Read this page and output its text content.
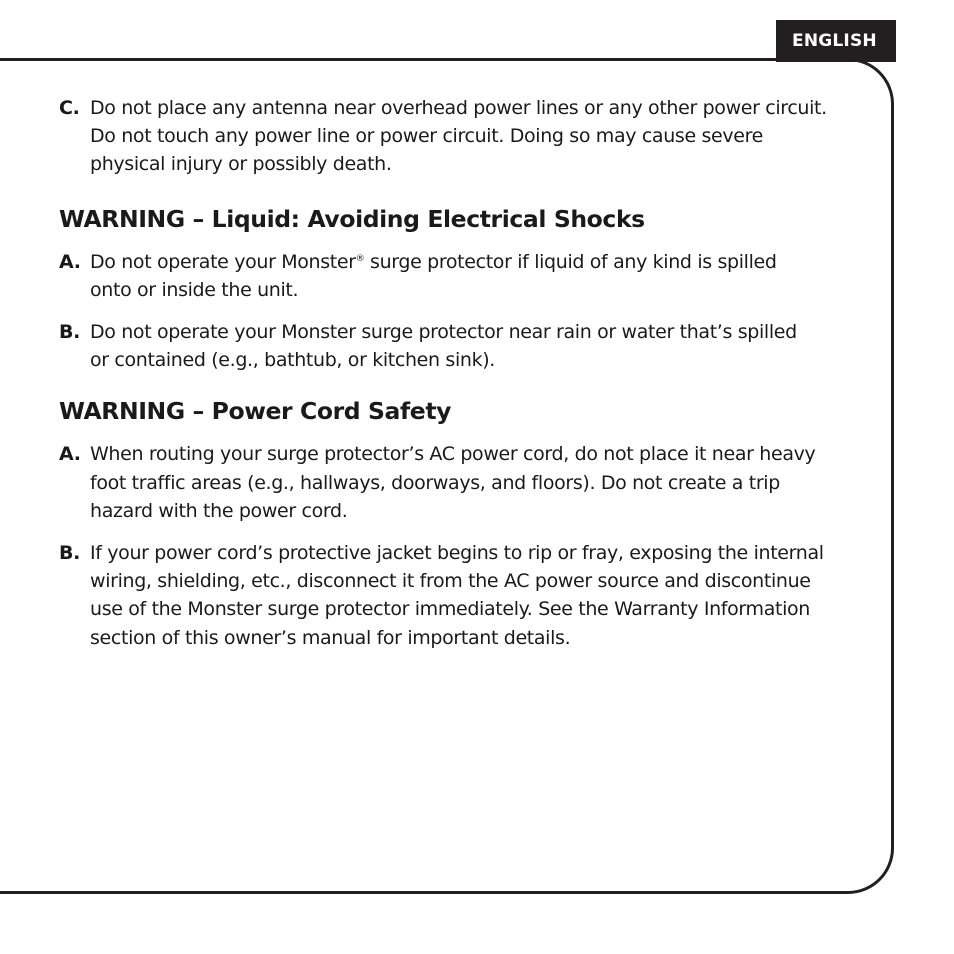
ENGLISH
C. Do not place any antenna near overhead power lines or any other power circuit.
Do not touch any power line or power circuit. Doing so may cause severe
physical injury or possibly death.
WARNING – Liquid: Avoiding Electrical Shocks
A. Do not operate your Monster® surge protector if liquid of any kind is spilled
onto or inside the unit.
B. Do not operate your Monster surge protector near rain or water that’s spilled
or contained (e.g., bathtub, or kitchen sink).
WARNING – Power Cord Safety
A. When routing your surge protector’s AC power cord, do not place it near heavy
foot traffic areas (e.g., hallways, doorways, and floors). Do not create a trip
hazard with the power cord.
B. If your power cord’s protective jacket begins to rip or fray, exposing the internal
wiring, shielding, etc., disconnect it from the AC power source and discontinue
use of the Monster surge protector immediately. See the Warranty Information
section of this owner’s manual for important details.
